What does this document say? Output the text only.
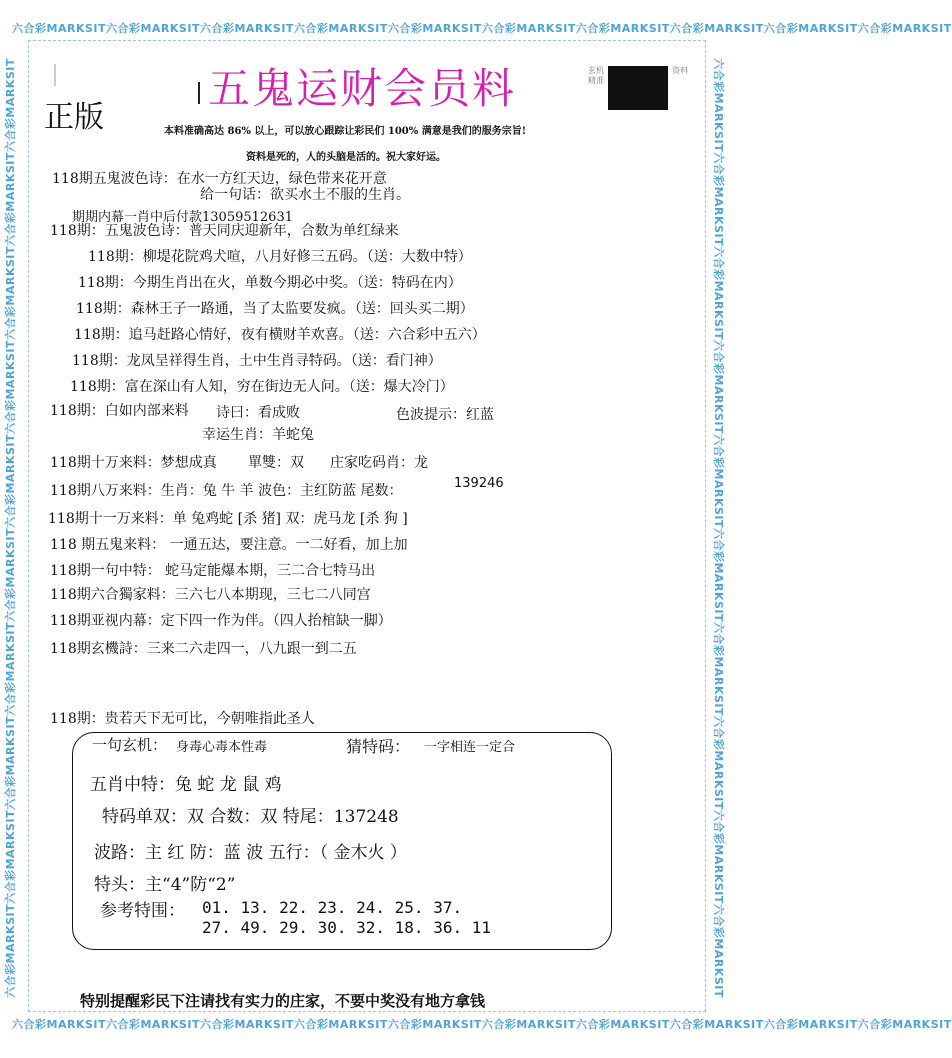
六合彩MARKSIT六合彩MARKSIT六合彩MARKSIT六合彩MARKSIT六合彩MARKSIT六合彩MARKSIT六合彩MARKSIT六合彩MARKSIT六合彩MARKSIT六合彩MARKSIT
六合彩MARKSIT六合彩MARKSIT六合彩MARKSIT六合彩MARKSIT六合彩MARKSIT六合彩MARKSIT六合彩MARKSIT六合彩MARKSIT六合彩MARKSIT六合彩MARKSIT
六合彩MARKSIT六合彩MARKSIT六合彩MARKSIT六合彩MARKSIT六合彩MARKSIT六合彩MARKSIT六合彩MARKSIT六合彩MARKSIT六合彩MARKSIT六合彩MARKSIT	六合彩MARKSIT六合彩MARKSIT六合彩MARKSIT六合彩MARKSIT六合彩MARKSIT六合彩MARKSIT六合彩MARKSIT六合彩MARKSIT六合彩MARKSIT六合彩MARKSIT
五鬼运财会员料
正版
玄机精准
资料
本料准确高达 86% 以上，可以放心跟踪让彩民们 100% 满意是我们的服务宗旨!
资料是死的，人的头脑是活的。祝大家好运。
118期五鬼波色诗：在水一方红天边，绿色带来花开意
给一句话：欲买水土不服的生肖。
期期内幕一肖中后付款13059512631
118期：五鬼波色诗：普天同庆迎新年，合数为单红绿来
118期：柳堤花院鸡犬喧，八月好修三五码。（送：大数中特）
118期：今期生肖出在火，单数今期必中奖。（送：特码在内）
118期：森林王子一路通，当了太监要发疯。（送：回头买二期）
118期：追马赶路心情好，夜有横财羊欢喜。（送：六合彩中五六）
118期：龙凤呈祥得生肖，土中生肖寻特码。（送：看门神）
118期：富在深山有人知，穷在街边无人问。（送：爆大冷门）
118期：白如内部来料 诗曰：看成败	色波提示：红蓝
幸运生肖：羊蛇兔
118期十万来料：梦想成真 單雙：双 庄家吃码肖：龙
118期八万来料：生肖：兔 牛 羊 波色：主红防蓝 尾数：	139246
118期十一万来料：单 兔鸡蛇 [杀 猪] 双：虎马龙 [杀 狗 ]
118 期五鬼来料： 一通五达，要注意。一二好看，加上加
118期一句中特： 蛇马定能爆本期，三二合七特马出
118期六合獨家料：三六七八本期现，三七二八同宫
118期亚视内幕：定下四一作为伴。（四人抬棺缺一脚）
118期玄機詩：三来二六走四一，八九跟一到二五
118期：贵若天下无可比，今朝唯指此圣人
一句玄机： 身毒心毒本性毒	猜特码： 一字相连一定合
五肖中特：兔 蛇 龙 鼠 鸡
特码单双：双 合数：双 特尾：137248
波路：主 红 防：蓝 波 五行：（ 金木火 ）
特头：主“4”防“2”
参考特围： 01. 13. 22. 23. 24. 25. 37.
27. 49. 29. 30. 32. 18. 36. 11
特别提醒彩民下注请找有实力的庄家，不要中奖没有地方拿钱
